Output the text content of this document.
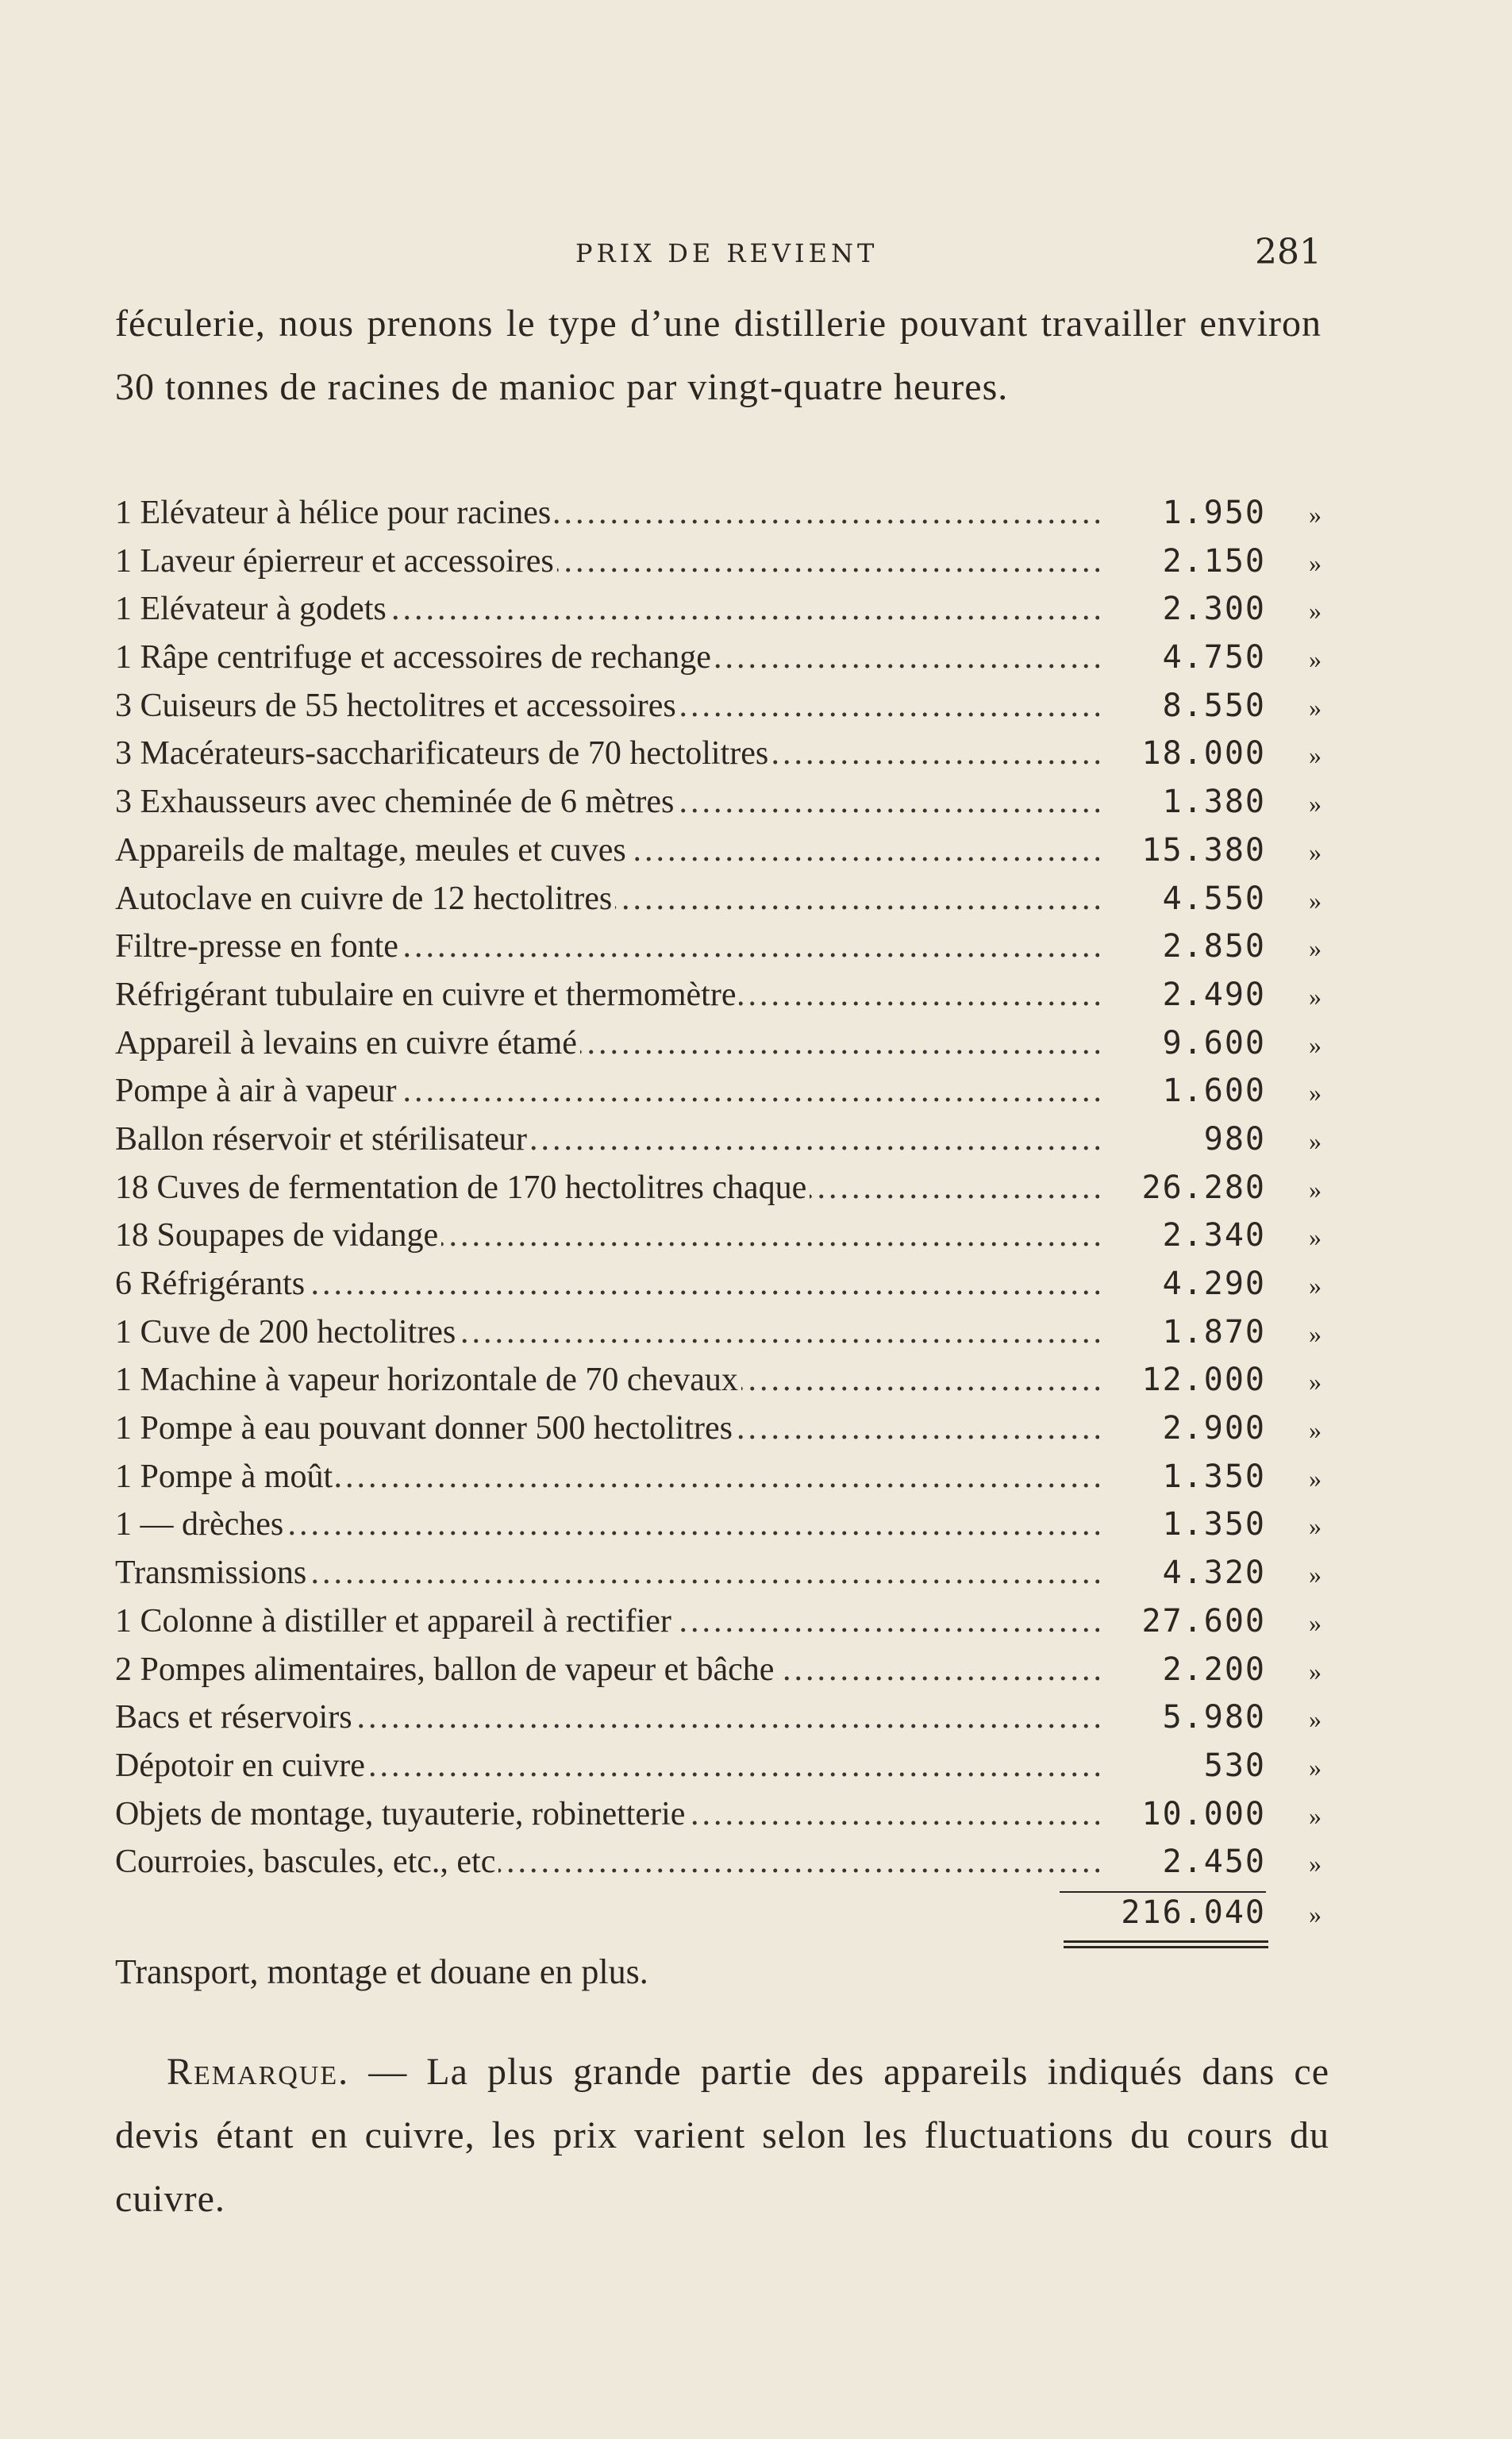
PRIX DE REVIENT	281

féculerie, nous prenons le type d’une distillerie pouvant travailler environ 30 tonnes de racines de manioc par vingt-quatre heures.

1 Elévateur à hélice pour racines .....	1.950	»
1 Laveur épierreur et accessoires .....	2.150	»
1 Elévateur à godets .....	2.300	»
1 Râpe centrifuge et accessoires de rechange .....	4.750	»
3 Cuiseurs de 55 hectolitres et accessoires .....	8.550	»
3 Macérateurs-saccharificateurs de 70 hectolitres .....	18.000	»
3 Exhausseurs avec cheminée de 6 mètres .....	1.380	»
Appareils de maltage, meules et cuves .....	15.380	»
Autoclave en cuivre de 12 hectolitres .....	4.550	»
Filtre-presse en fonte .....	2.850	»
Réfrigérant tubulaire en cuivre et thermomètre .....	2.490	»
Appareil à levains en cuivre étamé .....	9.600	»
Pompe à air à vapeur .....	1.600	»
Ballon réservoir et stérilisateur .....	980	»
18 Cuves de fermentation de 170 hectolitres chaque .....	26.280	»
18 Soupapes de vidange .....	2.340	»
6 Réfrigérants .....	4.290	»
1 Cuve de 200 hectolitres .....	1.870	»
1 Machine à vapeur horizontale de 70 chevaux .....	12.000	»
1 Pompe à eau pouvant donner 500 hectolitres .....	2.900	»
1 Pompe à moût .....	1.350	»
1 — drèches .....	1.350	»
Transmissions .....	4.320	»
1 Colonne à distiller et appareil à rectifier .....	27.600	»
2 Pompes alimentaires, ballon de vapeur et bâche .....	2.200	»
Bacs et réservoirs .....	5.980	»
Dépotoir en cuivre .....	530	»
Objets de montage, tuyauterie, robinetterie .....	10.000	»
Courroies, bascules, etc., etc .....	2.450	»
216.040	»
Transport, montage et douane en plus.

Remarque. — La plus grande partie des appareils indiqués dans ce devis étant en cuivre, les prix varient selon les fluctuations du cours du cuivre.
